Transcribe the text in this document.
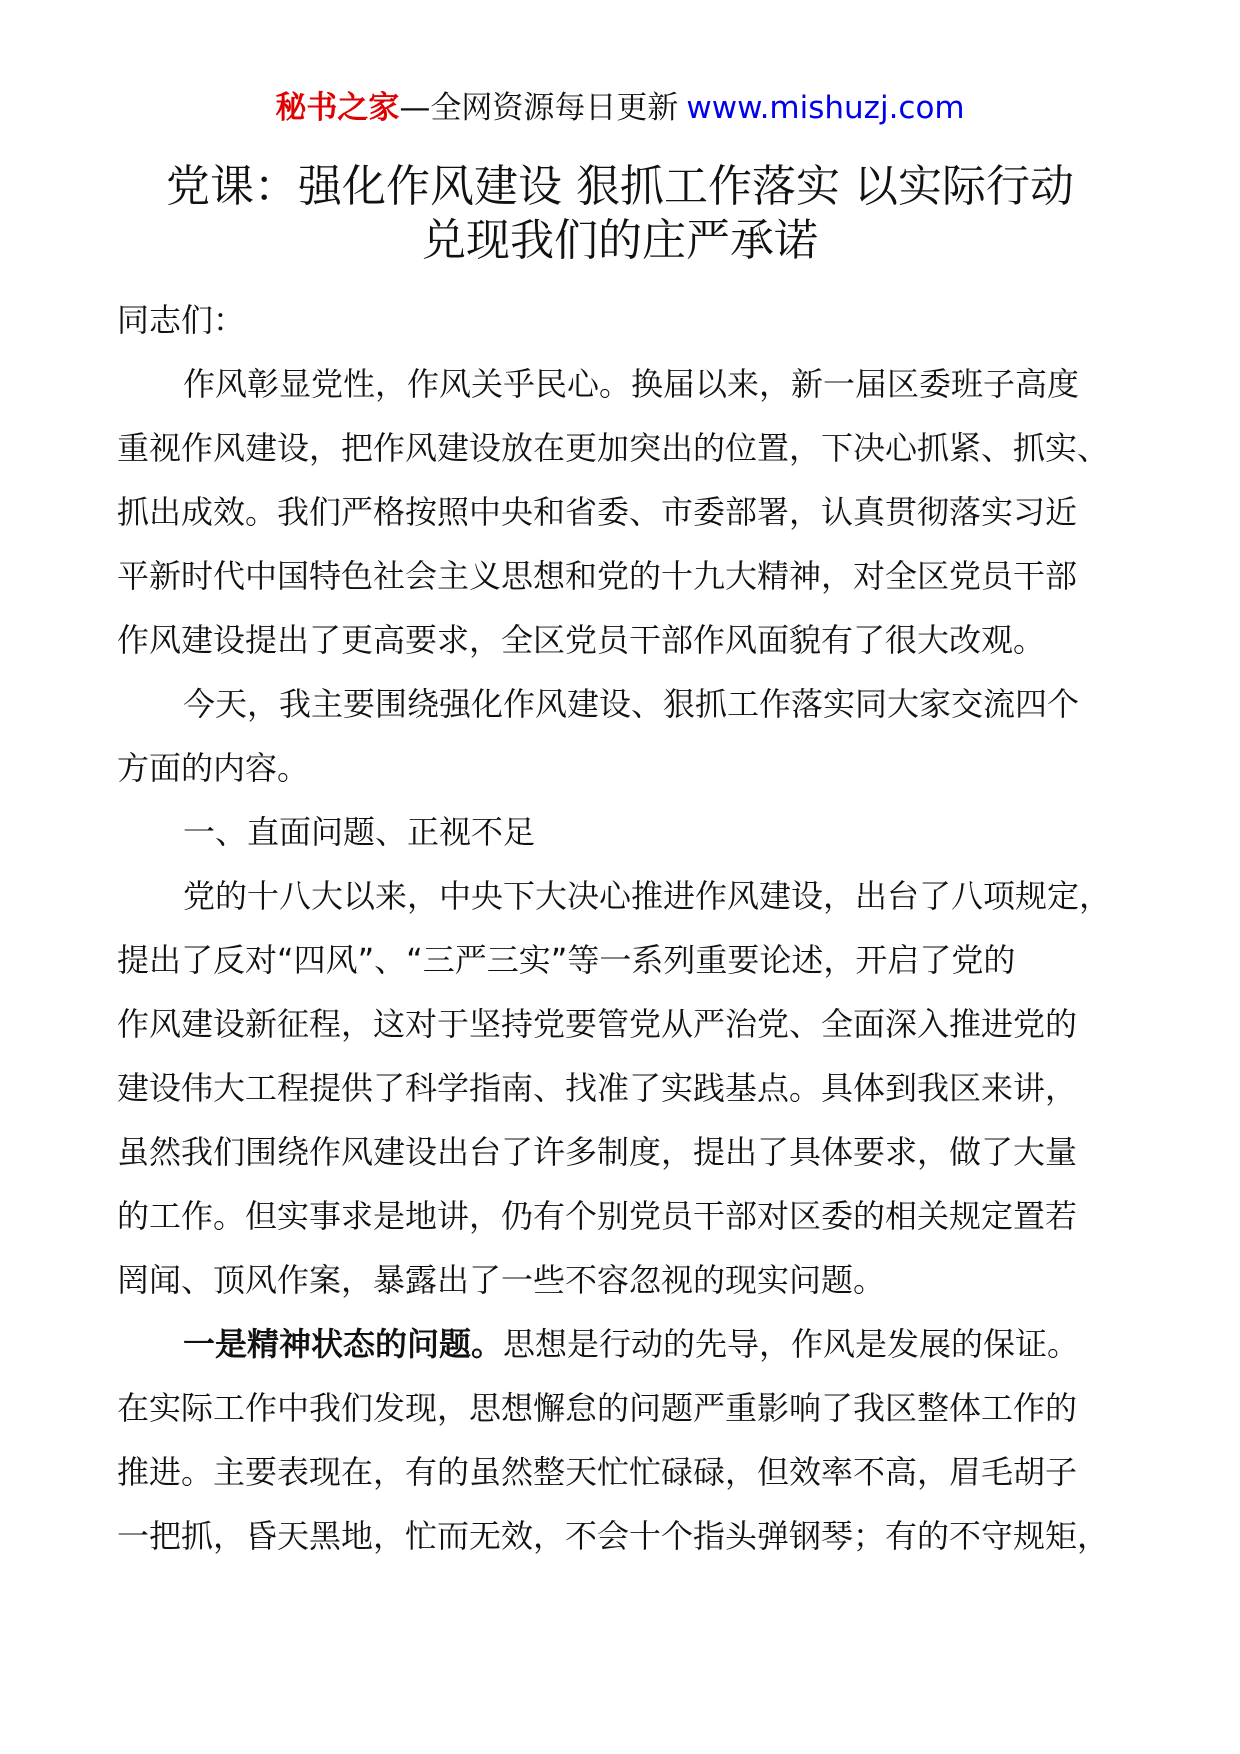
秘书之家—全网资源每日更新 www.mishuzj.com
党课：强化作风建设 狠抓工作落实 以实际行动
兑现我们的庄严承诺
同志们：
作风彰显党性，作风关乎民心。换届以来，新一届区委班子高度
重视作风建设，把作风建设放在更加突出的位置，下决心抓紧、抓实、
抓出成效。我们严格按照中央和省委、市委部署，认真贯彻落实习近
平新时代中国特色社会主义思想和党的十九大精神，对全区党员干部
作风建设提出了更高要求，全区党员干部作风面貌有了很大改观。
今天，我主要围绕强化作风建设、狠抓工作落实同大家交流四个
方面的内容。
一、直面问题、正视不足
党的十八大以来，中央下大决心推进作风建设，出台了八项规定，
提出了反对“四风”、“三严三实”等一系列重要论述，开启了党的
作风建设新征程，这对于坚持党要管党从严治党、全面深入推进党的
建设伟大工程提供了科学指南、找准了实践基点。具体到我区来讲，
虽然我们围绕作风建设出台了许多制度，提出了具体要求，做了大量
的工作。但实事求是地讲，仍有个别党员干部对区委的相关规定置若
罔闻、顶风作案，暴露出了一些不容忽视的现实问题。
一是精神状态的问题。思想是行动的先导，作风是发展的保证。
在实际工作中我们发现，思想懈怠的问题严重影响了我区整体工作的
推进。主要表现在，有的虽然整天忙忙碌碌，但效率不高，眉毛胡子
一把抓，昏天黑地，忙而无效，不会十个指头弹钢琴；有的不守规矩，
